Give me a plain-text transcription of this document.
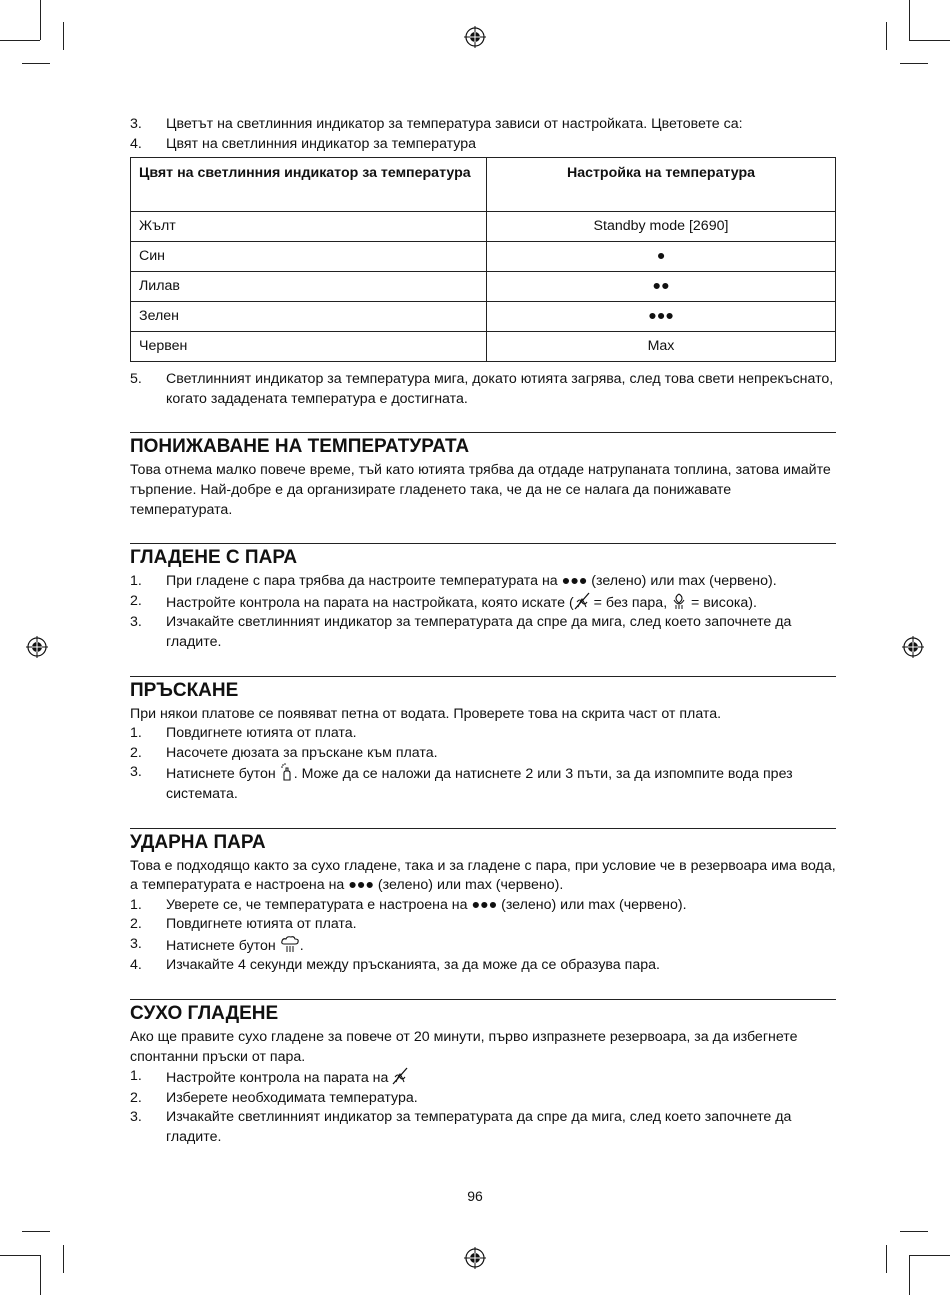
3. Цветът на светлинния индикатор за температура зависи от настройката. Цветовете са:
4. Цвят на светлинния индикатор за температура
Цвят на светлинния индикатор за температура	Настройка на температура
Жълт	Standby mode [2690]
Син	●
Лилав	●●
Зелен	●●●
Червен	Max
5. Светлинният индикатор за температура мига, докато ютията загрява, след това свети непрекъснато, когато зададената температура е достигната.
ПОНИЖАВАНЕ НА ТЕМПЕРАТУРАТА

Това отнема малко повече време, тъй като ютията трябва да отдаде натрупаната топлина, затова имайте търпение. Най-добре е да организирате гладенето така, че да не се налага да понижавате температурата.

ГЛАДЕНЕ С ПАРА
1. При гладене с пара трябва да настроите температурата на ●●● (зелено) или max (червено).
2. Настройте контрола на парата на настройката, която искате ( = без пара,  = висока).
3. Изчакайте светлинният индикатор за температурата да спре да мига, след което започнете да гладите.
ПРЪСКАНЕ

При някои платове се появяват петна от водата. Проверете това на скрита част от плата.

1. Повдигнете ютията от плата.
2. Насочете дюзата за пръскане към плата.
3. Натиснете бутон . Може да се наложи да натиснете 2 или 3 пъти, за да изпомпите вода през системата.
УДАРНА ПАРА

Това е подходящо както за сухо гладене, така и за гладене с пара, при условие че в резервоара има вода, а температурата е настроена на ●●● (зелено) или max (червено).

1. Уверете се, че температурата е настроена на ●●● (зелено) или max (червено).
2. Повдигнете ютията от плата.
3. Натиснете бутон .
4. Изчакайте 4 секунди между пръсканията, за да може да се образува пара.
СУХО ГЛАДЕНЕ

Ако ще правите сухо гладене за повече от 20 минути, първо изпразнете резервоара, за да избегнете спонтанни пръски от пара.

1. Настройте контрола на парата на
2. Изберете необходимата температура.
3. Изчакайте светлинният индикатор за температурата да спре да мига, след което започнете да гладите.
96
